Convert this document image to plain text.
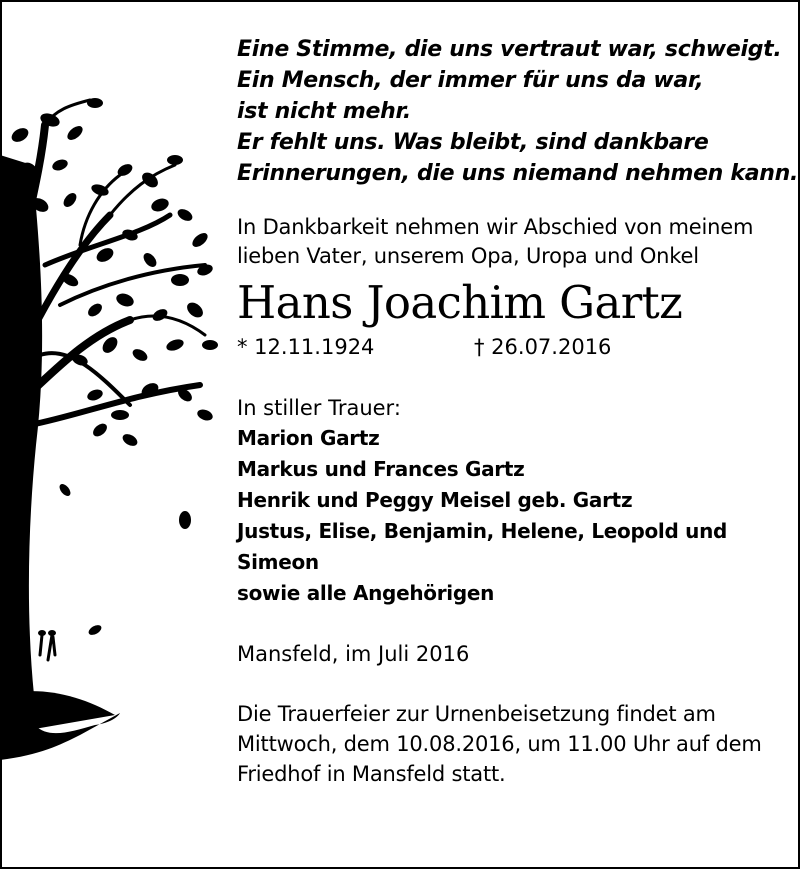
Eine Stimme, die uns vertraut war, schweigt.
Ein Mensch, der immer für uns da war,
ist nicht mehr.
Er fehlt uns. Was bleibt, sind dankbare
Erinnerungen, die uns niemand nehmen kann.
In Dankbarkeit nehmen wir Abschied von meinem lieben Vater, unserem Opa, Uropa und Onkel
Hans Joachim Gartz
* 12.11.1924	† 26.07.2016
In stiller Trauer:
Marion Gartz
Markus und Frances Gartz
Henrik und Peggy Meisel geb. Gartz
Justus, Elise, Benjamin, Helene, Leopold und
Simeon
sowie alle Angehörigen
Mansfeld, im Juli 2016
Die Trauerfeier zur Urnenbeisetzung findet am Mittwoch, dem 10.08.2016, um 11.00 Uhr auf dem Friedhof in Mansfeld statt.
